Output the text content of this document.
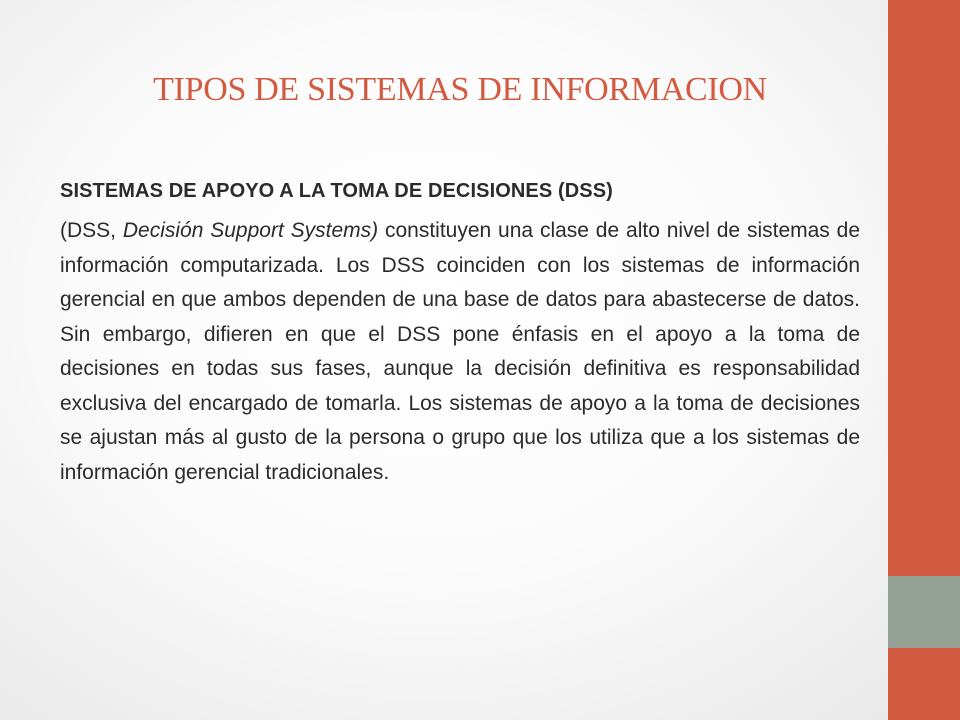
TIPOS DE SISTEMAS DE INFORMACION

SISTEMAS DE APOYO A LA TOMA DE DECISIONES (DSS)

(DSS, Decisión Support Systems) constituyen una clase de alto nivel de sistemas de información computarizada. Los DSS coinciden con los sistemas de información gerencial en que ambos dependen de una base de datos para abastecerse de datos. Sin embargo, difieren en que el DSS pone énfasis en el apoyo a la toma de decisiones en todas sus fases, aunque la decisión definitiva es responsabilidad exclusiva del encargado de tomarla. Los sistemas de apoyo a la toma de decisiones se ajustan más al gusto de la persona o grupo que los utiliza que a los sistemas de información gerencial tradicionales.
